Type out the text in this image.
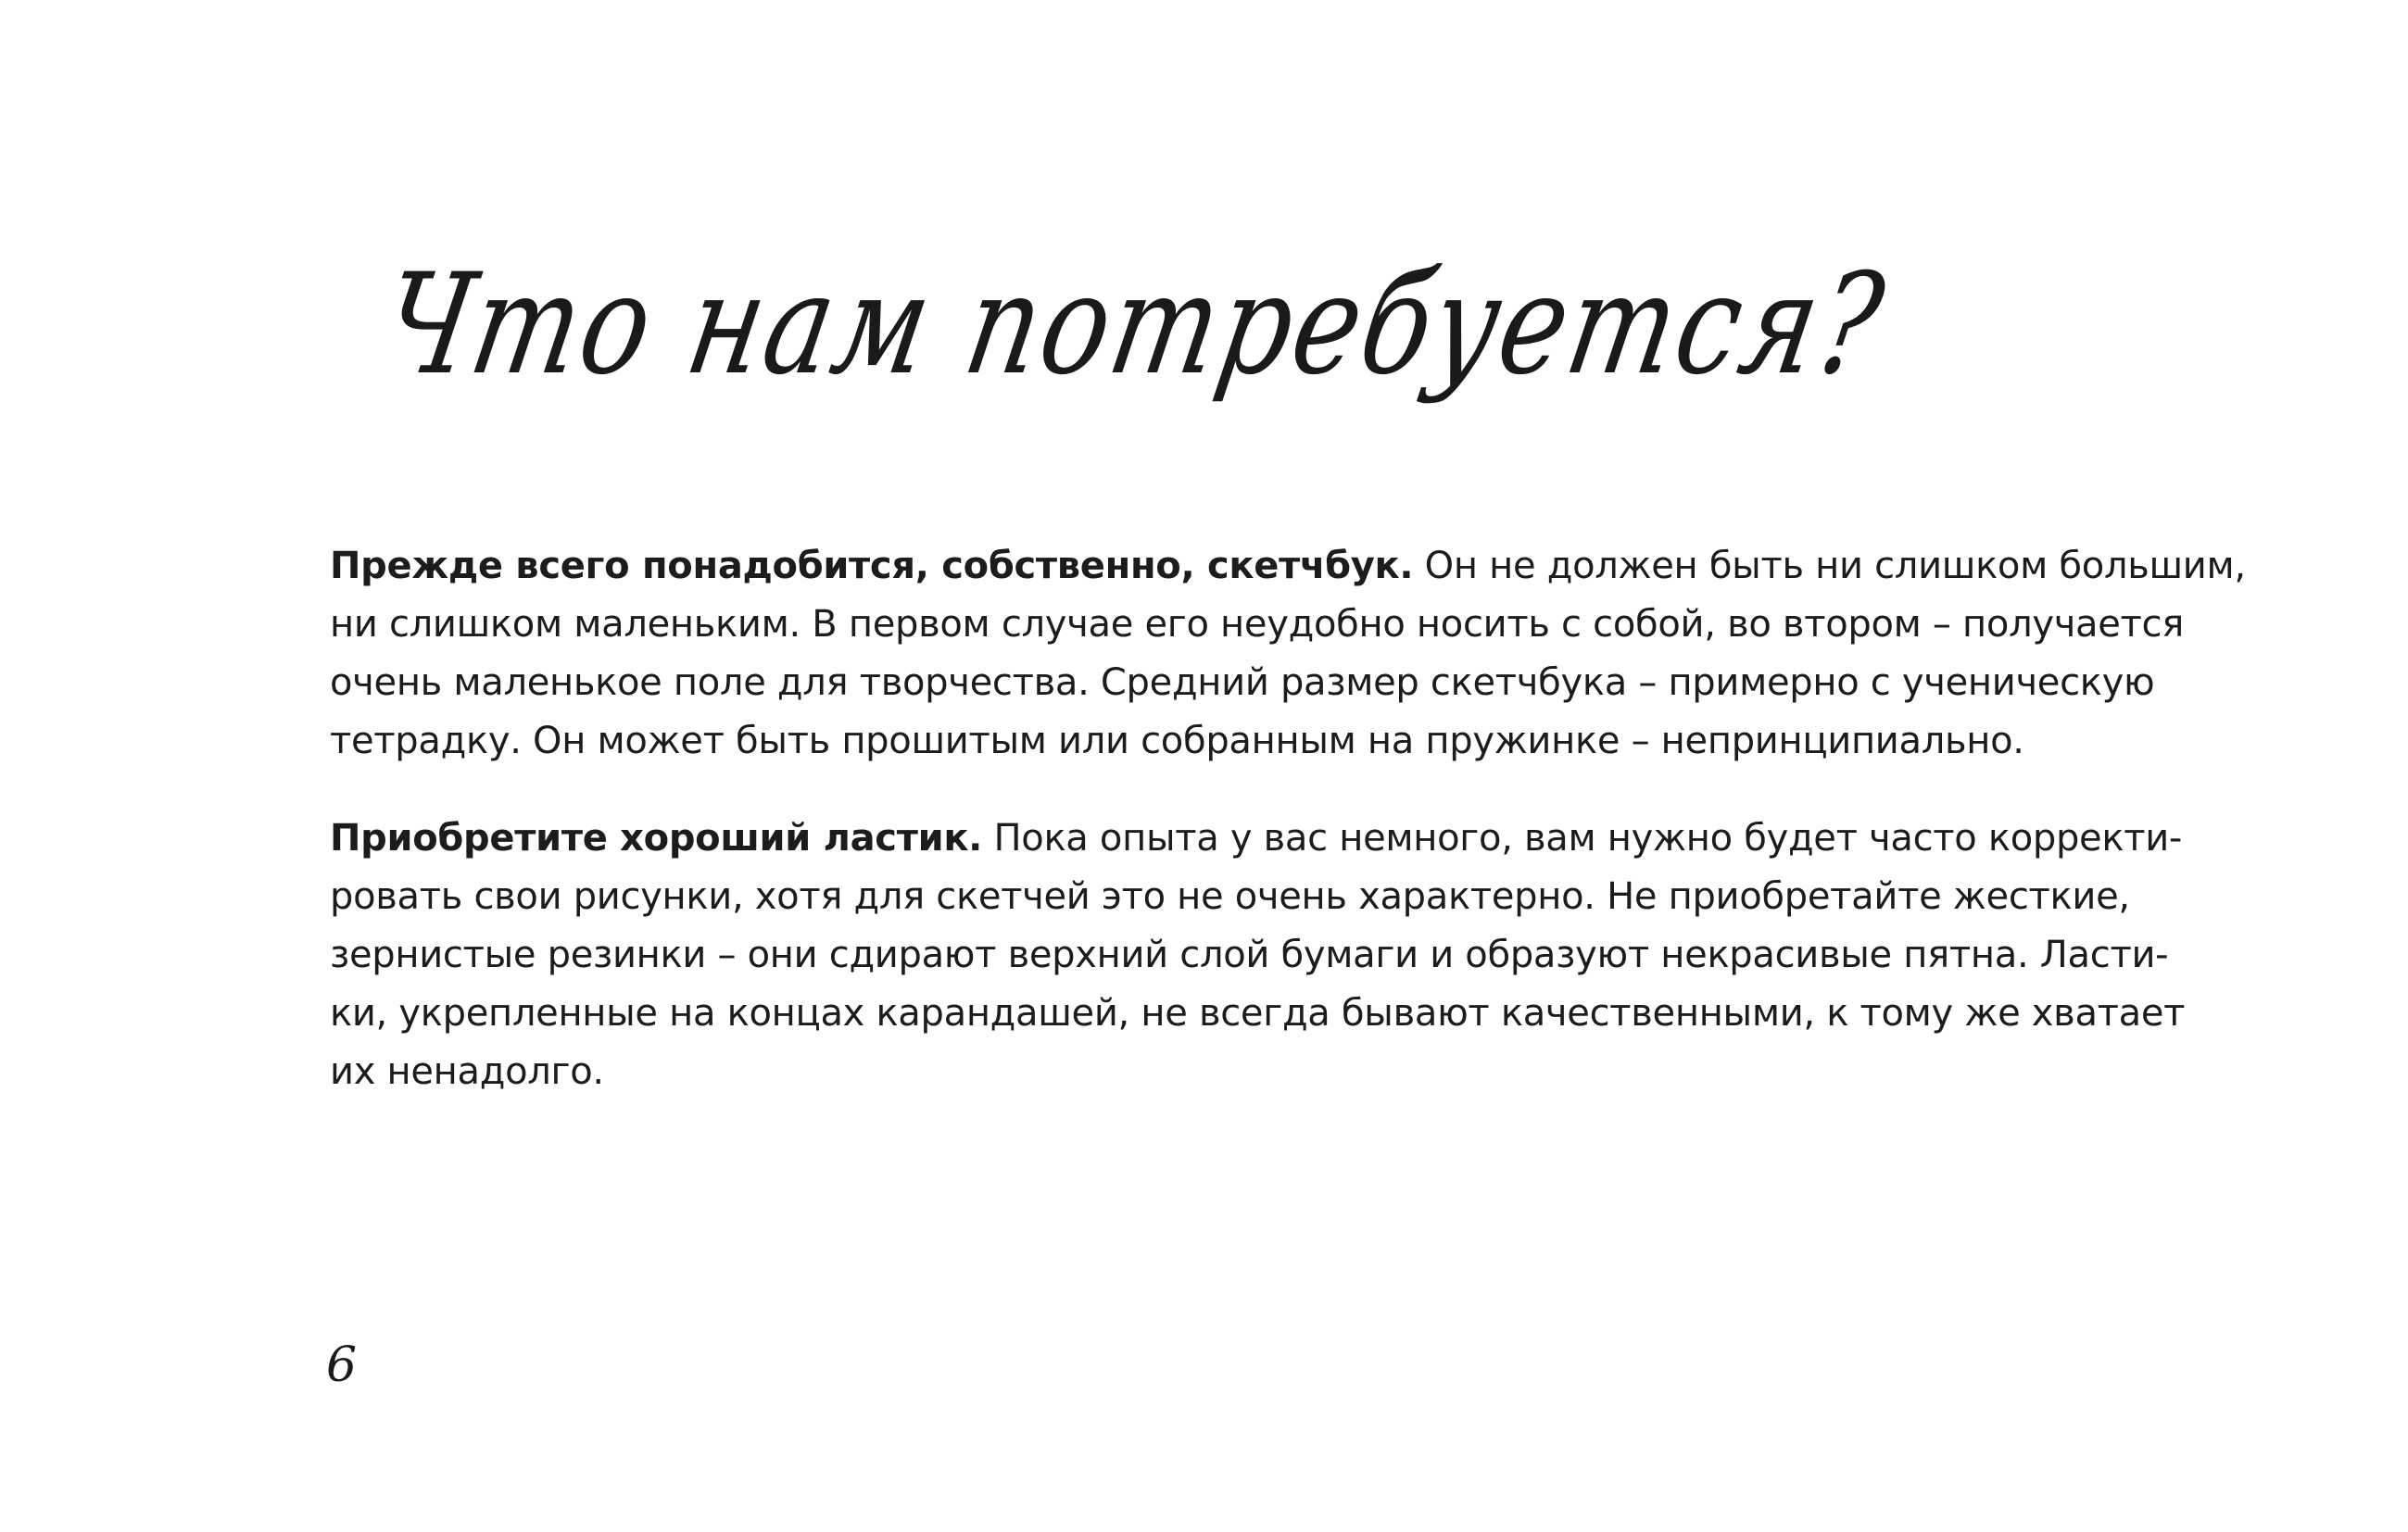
Что нам потребуется?

Прежде всего понадобится, собственно, скетчбук. Он не должен быть ни слишком большим,
ни слишком маленьким. В первом случае его неудобно носить с собой, во втором – получается
очень маленькое поле для творчества. Средний размер скетчбука – примерно с ученическую
тетрадку. Он может быть прошитым или собранным на пружинке – непринципиально.

Приобретите хороший ластик. Пока опыта у вас немного, вам нужно будет часто корректи-
ровать свои рисунки, хотя для скетчей это не очень характерно. Не приобретайте жесткие,
зернистые резинки – они сдирают верхний слой бумаги и образуют некрасивые пятна. Ласти-
ки, укрепленные на концах карандашей, не всегда бывают качественными, к тому же хватает
их ненадолго.

6
